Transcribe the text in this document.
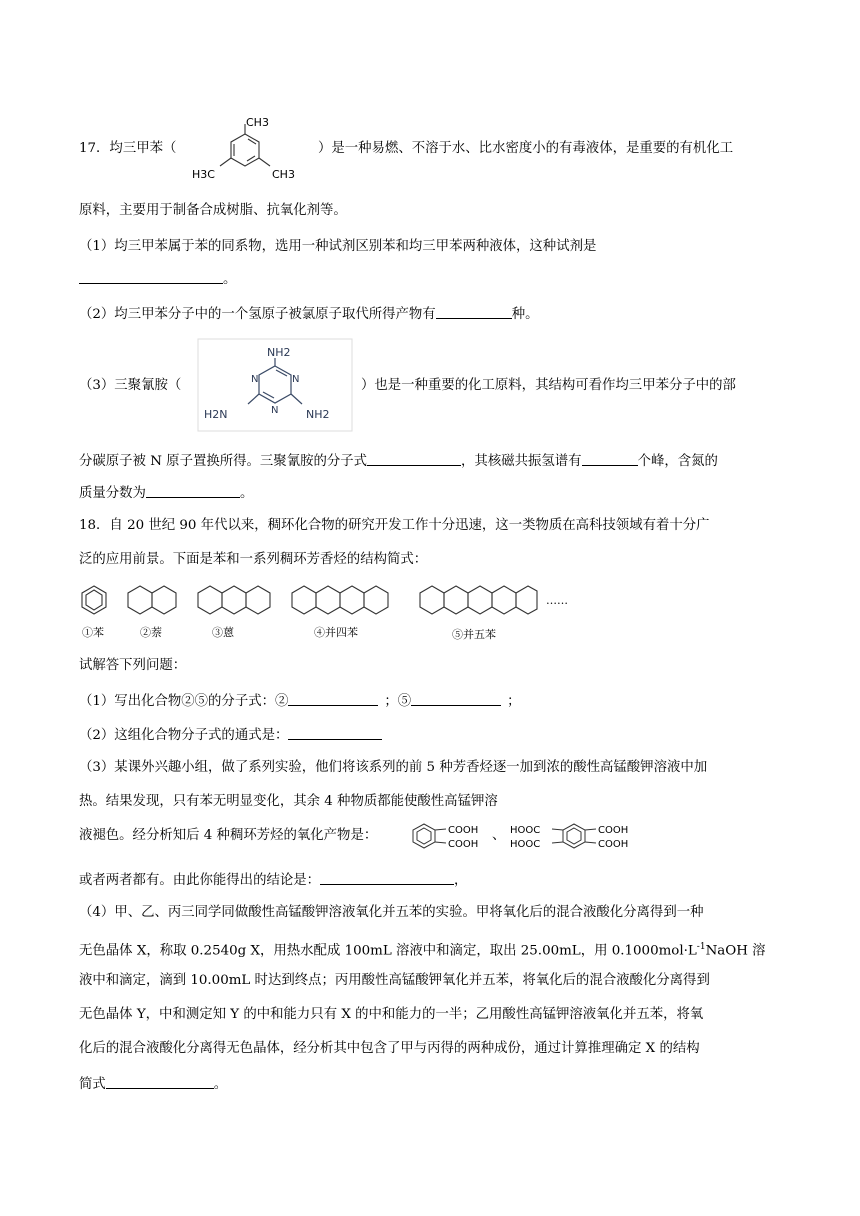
17．均三甲苯（
CH3
H3C	CH3
）是一种易燃、不溶于水、比水密度小的有毒液体，是重要的有机化工
原料，主要用于制备合成树脂、抗氧化剂等。
（1）均三甲苯属于苯的同系物，选用一种试剂区别苯和均三甲苯两种液体，这种试剂是
。
（2）均三甲苯分子中的一个氢原子被氯原子取代所得产物有	种。
（3）三聚氰胺（
NH2
H2N	NH2
N
N
N
）也是一种重要的化工原料，其结构可看作均三甲苯分子中的部
分碳原子被 N 原子置换所得。三聚氰胺的分子式	，其核磁共振氢谱有	个峰，含氮的
质量分数为	。
18．自 20 世纪 90 年代以来，稠环化合物的研究开发工作十分迅速，这一类物质在高科技领域有着十分广
泛的应用前景。下面是苯和一系列稠环芳香烃的结构简式：
①苯	②萘	③蒽	④并四苯	⑤并五苯
……
试解答下列问题：
（1）写出化合物②⑤的分子式：②	；⑤	；
（2）这组化合物分子式的通式是：
（3）某课外兴趣小组，做了系列实验，他们将该系列的前 5 种芳香烃逐一加到浓的酸性高锰酸钾溶液中加
热。结果发现，只有苯无明显变化，其余 4 种物质都能使酸性高锰钾溶
液褪色。经分析知后 4 种稠环芳烃的氧化产物是：	COOH
COOH
、 HOOC
HOOC
COOH
COOH
或者两者都有。由此你能得出的结论是：	，
（4）甲、乙、丙三同学同做酸性高锰酸钾溶液氧化并五苯的实验。甲将氧化后的混合液酸化分离得到一种
无色晶体 X，称取 0.2540g X，用热水配成 100mL 溶液中和滴定，取出 25.00mL，用 $0.1000mol\cdot L^{-1}NaOH$ 溶
液中和滴定，滴到 10.00mL 时达到终点；丙用酸性高锰酸钾氧化并五苯，将氧化后的混合液酸化分离得到
无色晶体 Y，中和测定知 Y 的中和能力只有 X 的中和能力的一半；乙用酸性高锰钾溶液氧化并五苯，将氧
化后的混合液酸化分离得无色晶体，经分析其中包含了甲与丙得的两种成份，通过计算推理确定 X 的结构
简式	。
